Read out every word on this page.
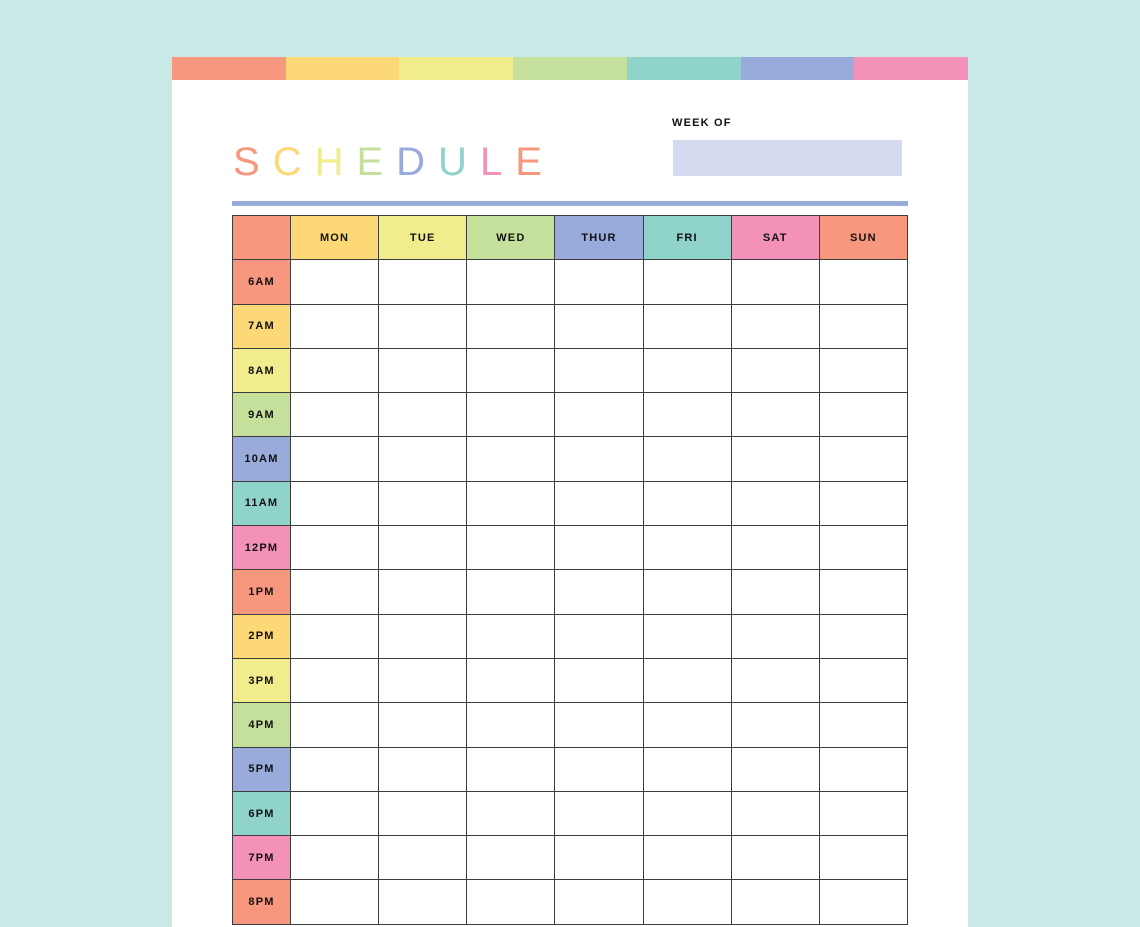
SCHEDULE
WEEK OF
	MON	TUE	WED	THUR	FRI	SAT	SUN
6AM							
7AM							
8AM							
9AM							
10AM							
11AM							
12PM							
1PM							
2PM							
3PM							
4PM							
5PM							
6PM							
7PM							
8PM							
